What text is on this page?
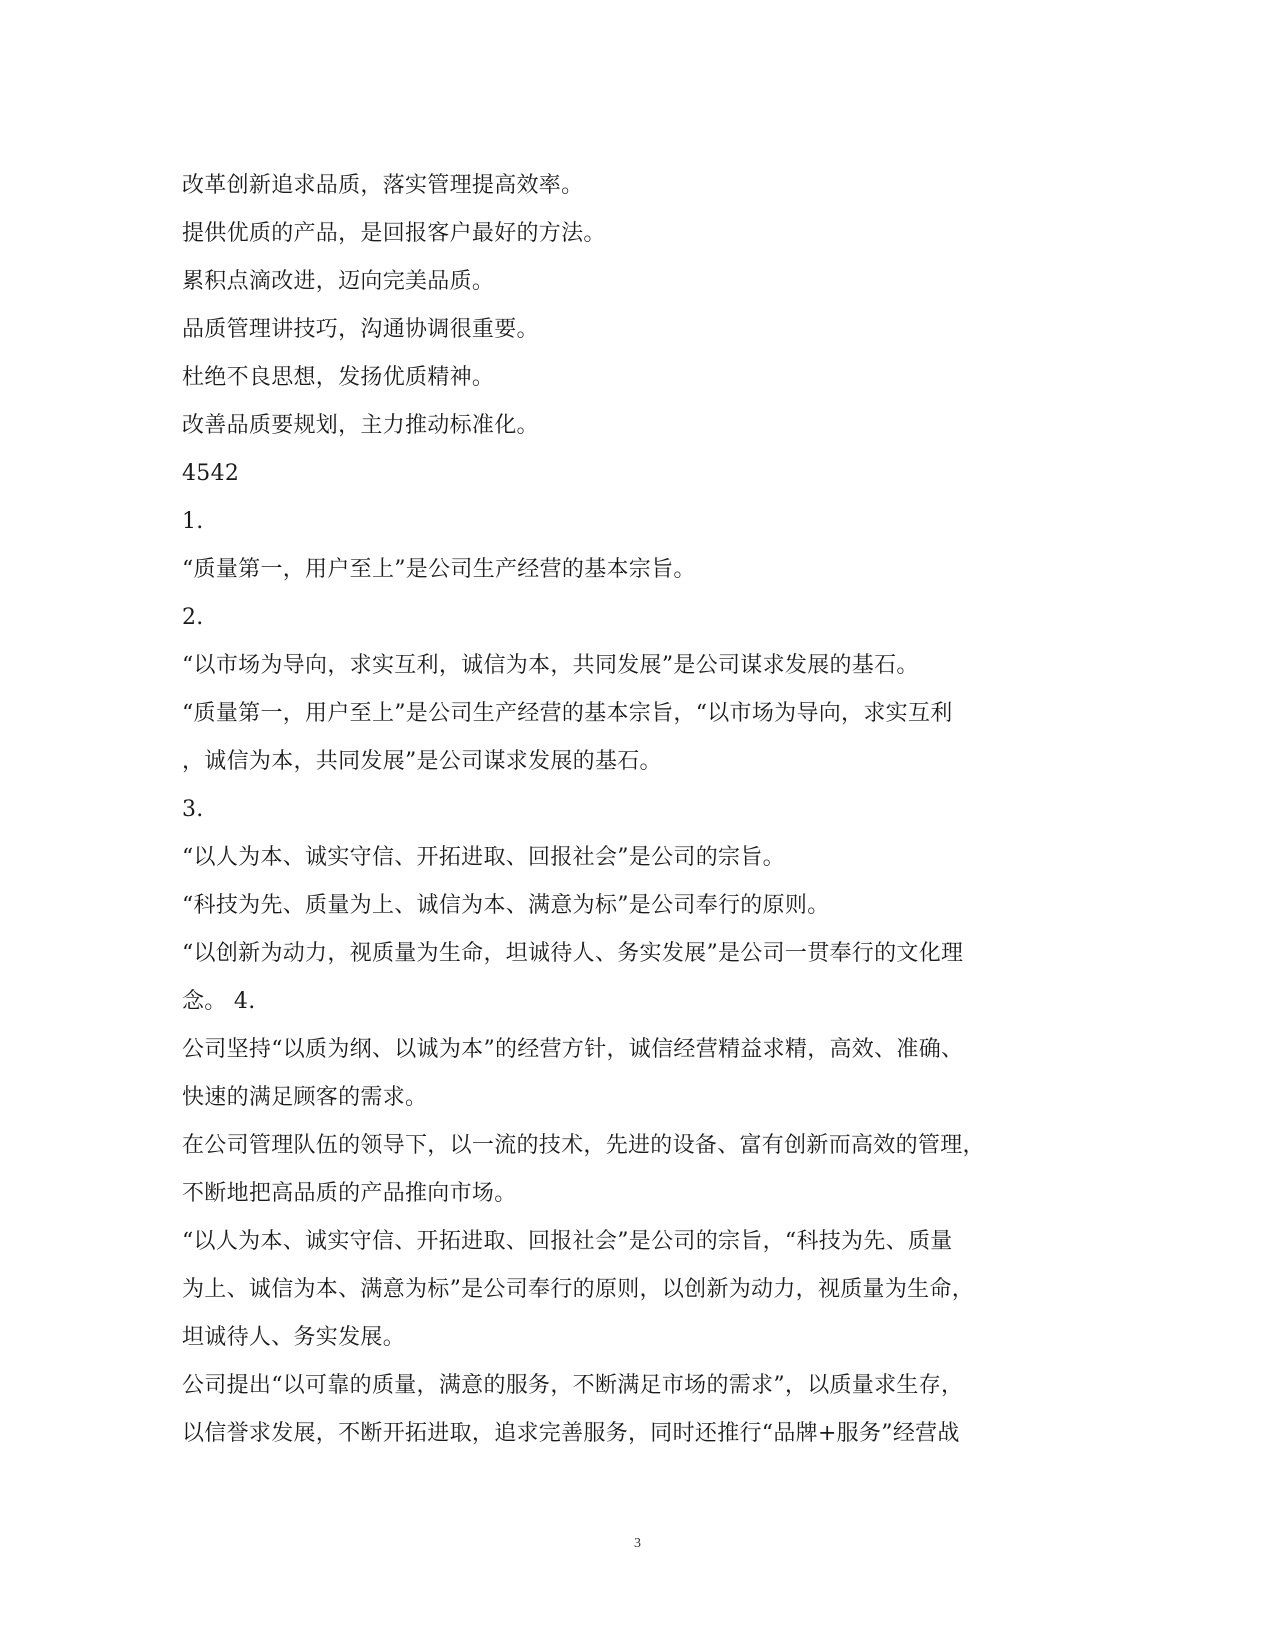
改革创新追求品质，落实管理提高效率。
提供优质的产品，是回报客户最好的方法。
累积点滴改进，迈向完美品质。
品质管理讲技巧，沟通协调很重要。
杜绝不良思想，发扬优质精神。
改善品质要规划，主力推动标准化。
4542
1.
“质量第一，用户至上”是公司生产经营的基本宗旨。
2.
“以市场为导向，求实互利，诚信为本，共同发展”是公司谋求发展的基石。
“质量第一，用户至上”是公司生产经营的基本宗旨，“以市场为导向，求实互利
，诚信为本，共同发展”是公司谋求发展的基石。
3.
“以人为本、诚实守信、开拓进取、回报社会”是公司的宗旨。
“科技为先、质量为上、诚信为本、满意为标”是公司奉行的原则。
“以创新为动力，视质量为生命，坦诚待人、务实发展”是公司一贯奉行的文化理
念。 4.
公司坚持“以质为纲、以诚为本”的经营方针，诚信经营精益求精，高效、准确、
快速的满足顾客的需求。
在公司管理队伍的领导下，以一流的技术，先进的设备、富有创新而高效的管理，
不断地把高品质的产品推向市场。
“以人为本、诚实守信、开拓进取、回报社会”是公司的宗旨，“科技为先、质量
为上、诚信为本、满意为标”是公司奉行的原则，以创新为动力，视质量为生命，
坦诚待人、务实发展。
公司提出“以可靠的质量，满意的服务，不断满足市场的需求”，以质量求生存，
以信誉求发展，不断开拓进取，追求完善服务，同时还推行“品牌+服务”经营战
3
